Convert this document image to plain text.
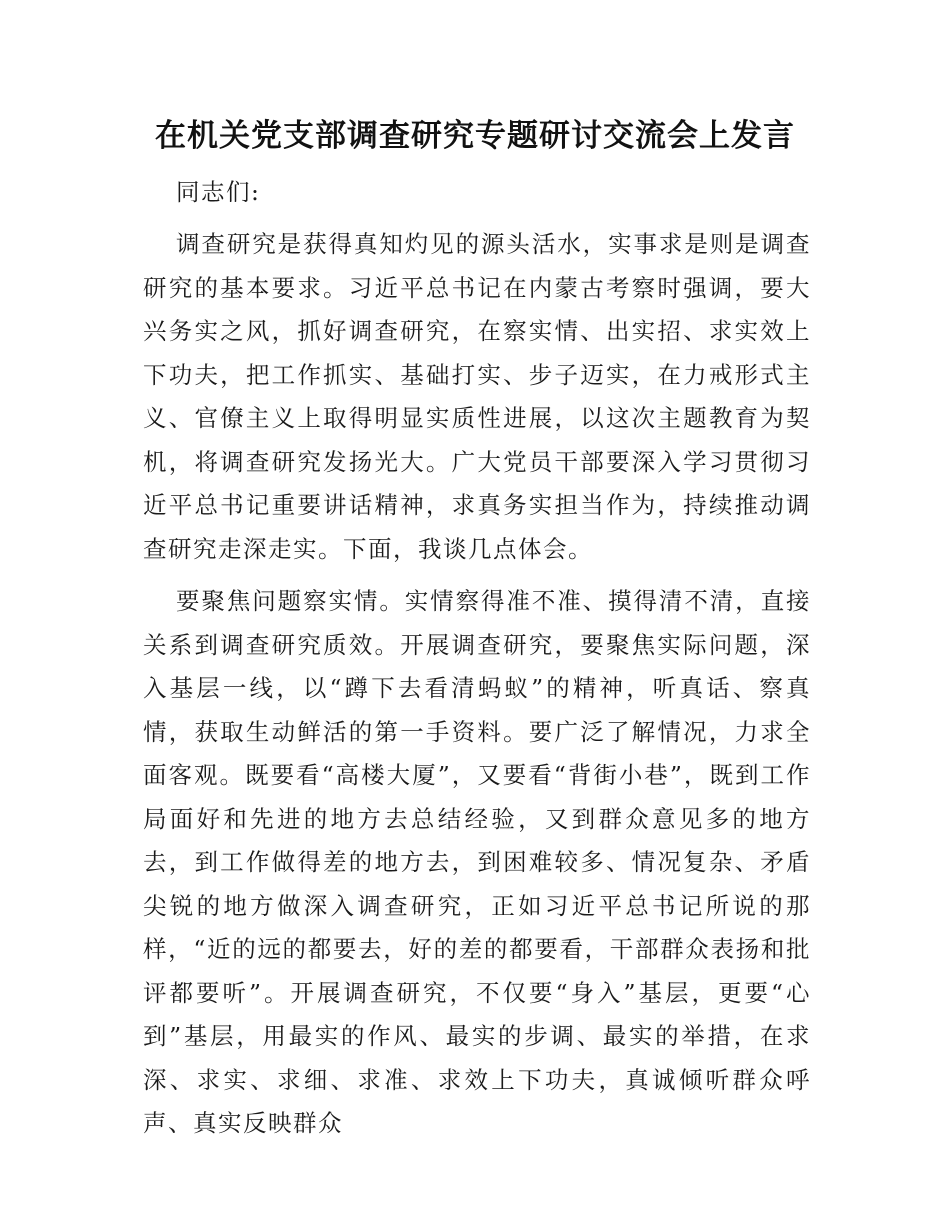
在机关党支部调查研究专题研讨交流会上发言

同志们:

调查研究是获得真知灼见的源头活水，实事求是则是调查研究的基本要求。习近平总书记在内蒙古考察时强调，要大兴务实之风，抓好调查研究，在察实情、出实招、求实效上下功夫，把工作抓实、基础打实、步子迈实，在力戒形式主义、官僚主义上取得明显实质性进展，以这次主题教育为契机，将调查研究发扬光大。广大党员干部要深入学习贯彻习近平总书记重要讲话精神，求真务实担当作为，持续推动调查研究走深走实。下面，我谈几点体会。

要聚焦问题察实情。实情察得准不准、摸得清不清，直接关系到调查研究质效。开展调查研究，要聚焦实际问题，深入基层一线，以“蹲下去看清蚂蚁”的精神，听真话、察真情，获取生动鲜活的第一手资料。要广泛了解情况，力求全面客观。既要看“高楼大厦”，又要看“背街小巷”，既到工作局面好和先进的地方去总结经验，又到群众意见多的地方去，到工作做得差的地方去，到困难较多、情况复杂、矛盾尖锐的地方做深入调查研究，正如习近平总书记所说的那样，“近的远的都要去，好的差的都要看，干部群众表扬和批评都要听”。开展调查研究，不仅要“身入”基层，更要“心到”基层，用最实的作风、最实的步调、最实的举措，在求深、求实、求细、求准、求效上下功夫，真诚倾听群众呼声、真实反映群众
